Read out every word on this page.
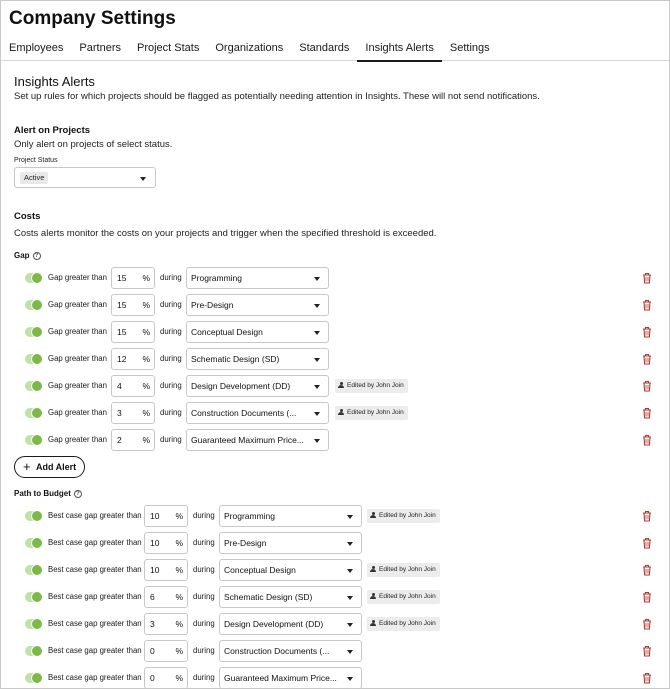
Company Settings
Employees	Partners	Project Stats	Organizations	Standards	Insights Alerts	Settings
Insights Alerts
Set up rules for which projects should be flagged as potentially needing attention in Insights. These will not send notifications.
Alert on Projects
Only alert on projects of select status.
Project Status
Active
Costs
Costs alerts monitor the costs on your projects and trigger when the specified threshold is exceeded.
Gap ?
Gap greater than 15 % during Programming
Gap greater than 15 % during Pre-Design
Gap greater than 15 % during Conceptual Design
Gap greater than 12 % during Schematic Design (SD)
Gap greater than 4 % during Design Development (DD)	Edited by John Join
Gap greater than 3 % during Construction Documents (...	Edited by John Join
Gap greater than 2 % during Guaranteed Maximum Price...
+ Add Alert
Path to Budget ?
Best case gap greater than 10 % during Programming	Edited by John Join
Best case gap greater than 10 % during Pre-Design
Best case gap greater than 10 % during Conceptual Design	Edited by John Join
Best case gap greater than 6 % during Schematic Design (SD)	Edited by John Join
Best case gap greater than 3 % during Design Development (DD)	Edited by John Join
Best case gap greater than 0 % during Construction Documents (...
Best case gap greater than 0 % during Guaranteed Maximum Price...
